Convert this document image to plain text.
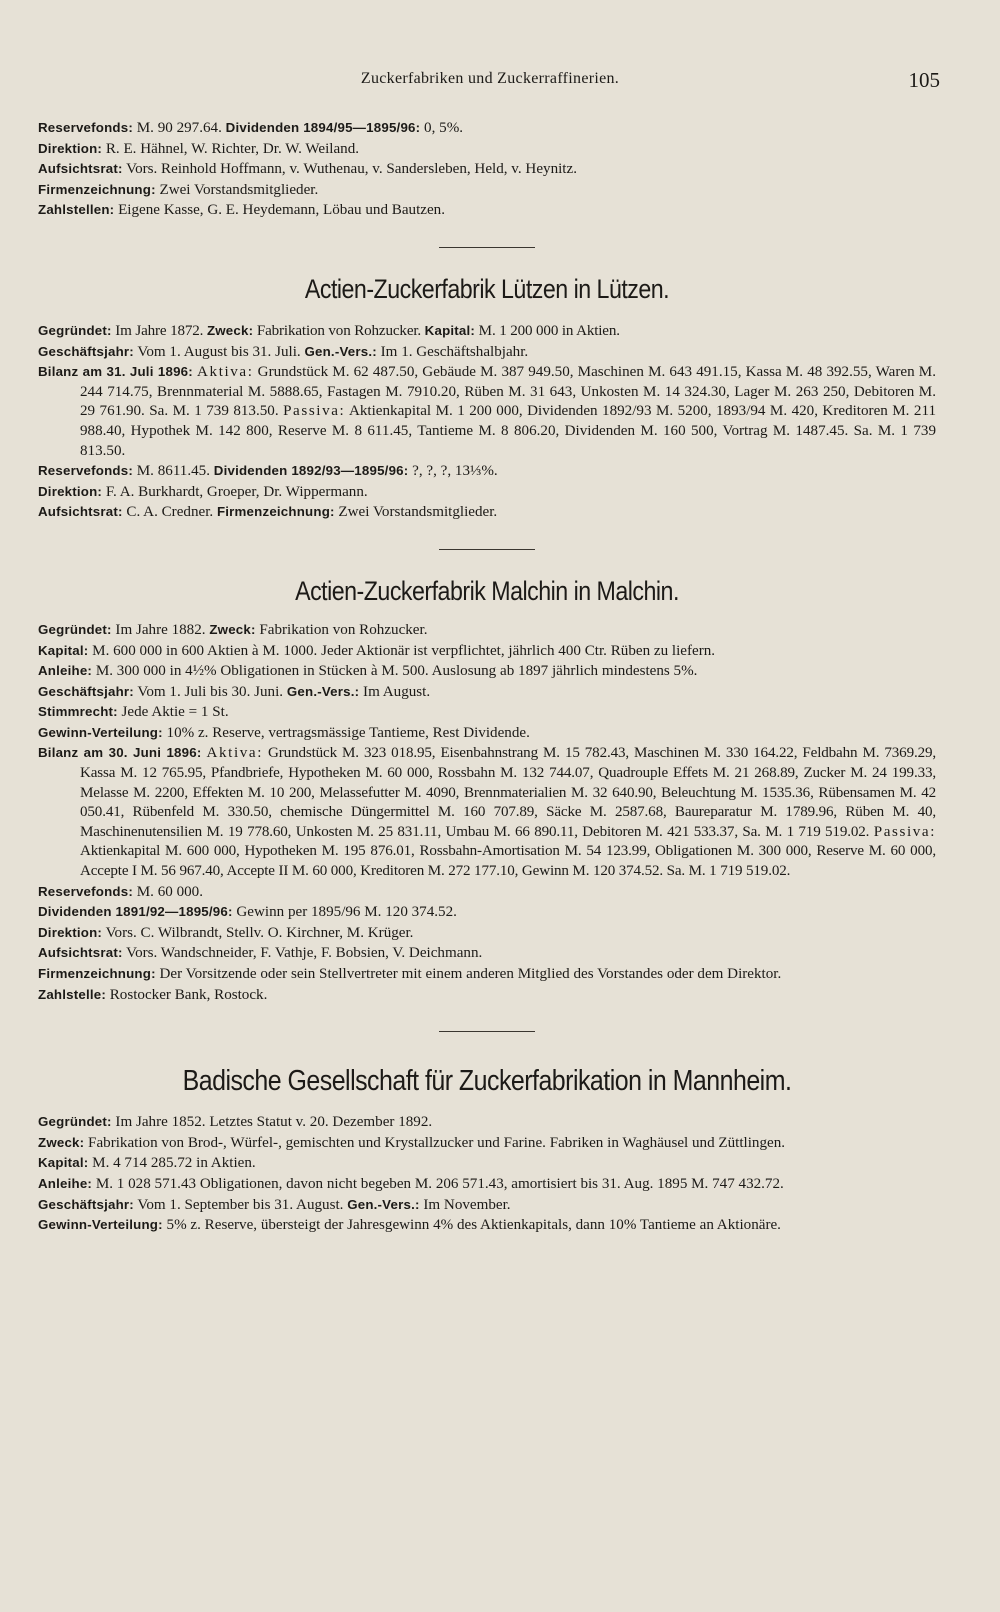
Zuckerfabriken und Zuckerraffinerien.	105

Reservefonds: M. 90 297.64. Dividenden 1894/95—1895/96: 0, 5%.

Direktion: R. E. Hähnel, W. Richter, Dr. W. Weiland.

Aufsichtsrat: Vors. Reinhold Hoffmann, v. Wuthenau, v. Sandersleben, Held, v. Heynitz.

Firmenzeichnung: Zwei Vorstandsmitglieder.

Zahlstellen: Eigene Kasse, G. E. Heydemann, Löbau und Bautzen.

Actien-Zuckerfabrik Lützen in Lützen.

Gegründet: Im Jahre 1872. Zweck: Fabrikation von Rohzucker. Kapital: M. 1 200 000 in Aktien.

Geschäftsjahr: Vom 1. August bis 31. Juli. Gen.-Vers.: Im 1. Geschäftshalbjahr.

Bilanz am 31. Juli 1896: Aktiva: Grundstück M. 62 487.50, Gebäude M. 387 949.50, Maschinen M. 643 491.15, Kassa M. 48 392.55, Waren M. 244 714.75, Brennmaterial M. 5888.65, Fastagen M. 7910.20, Rüben M. 31 643, Unkosten M. 14 324.30, Lager M. 263 250, Debitoren M. 29 761.90. Sa. M. 1 739 813.50. Passiva: Aktienkapital M. 1 200 000, Dividenden 1892/93 M. 5200, 1893/94 M. 420, Kreditoren M. 211 988.40, Hypothek M. 142 800, Reserve M. 8 611.45, Tantieme M. 8 806.20, Dividenden M. 160 500, Vortrag M. 1487.45. Sa. M. 1 739 813.50.

Reservefonds: M. 8611.45. Dividenden 1892/93—1895/96: ?, ?, ?, 13⅓%.

Direktion: F. A. Burkhardt, Groeper, Dr. Wippermann.

Aufsichtsrat: C. A. Credner. Firmenzeichnung: Zwei Vorstandsmitglieder.

Actien-Zuckerfabrik Malchin in Malchin.

Gegründet: Im Jahre 1882. Zweck: Fabrikation von Rohzucker.

Kapital: M. 600 000 in 600 Aktien à M. 1000. Jeder Aktionär ist verpflichtet, jährlich 400 Ctr. Rüben zu liefern.

Anleihe: M. 300 000 in 4½% Obligationen in Stücken à M. 500. Auslosung ab 1897 jährlich mindestens 5%.

Geschäftsjahr: Vom 1. Juli bis 30. Juni. Gen.-Vers.: Im August.

Stimmrecht: Jede Aktie = 1 St.

Gewinn-Verteilung: 10% z. Reserve, vertragsmässige Tantieme, Rest Dividende.

Bilanz am 30. Juni 1896: Aktiva: Grundstück M. 323 018.95, Eisenbahnstrang M. 15 782.43, Maschinen M. 330 164.22, Feldbahn M. 7369.29, Kassa M. 12 765.95, Pfandbriefe, Hypotheken M. 60 000, Rossbahn M. 132 744.07, Quadrouple Effets M. 21 268.89, Zucker M. 24 199.33, Melasse M. 2200, Effekten M. 10 200, Melassefutter M. 4090, Brennmaterialien M. 32 640.90, Beleuchtung M. 1535.36, Rübensamen M. 42 050.41, Rübenfeld M. 330.50, chemische Düngermittel M. 160 707.89, Säcke M. 2587.68, Baureparatur M. 1789.96, Rüben M. 40, Maschinenutensilien M. 19 778.60, Unkosten M. 25 831.11, Umbau M. 66 890.11, Debitoren M. 421 533.37, Sa. M. 1 719 519.02. Passiva: Aktienkapital M. 600 000, Hypotheken M. 195 876.01, Rossbahn-Amortisation M. 54 123.99, Obligationen M. 300 000, Reserve M. 60 000, Accepte I M. 56 967.40, Accepte II M. 60 000, Kreditoren M. 272 177.10, Gewinn M. 120 374.52. Sa. M. 1 719 519.02.

Reservefonds: M. 60 000.

Dividenden 1891/92—1895/96: Gewinn per 1895/96 M. 120 374.52.

Direktion: Vors. C. Wilbrandt, Stellv. O. Kirchner, M. Krüger.

Aufsichtsrat: Vors. Wandschneider, F. Vathje, F. Bobsien, V. Deichmann.

Firmenzeichnung: Der Vorsitzende oder sein Stellvertreter mit einem anderen Mitglied des Vorstandes oder dem Direktor.

Zahlstelle: Rostocker Bank, Rostock.

Badische Gesellschaft für Zuckerfabrikation in Mannheim.

Gegründet: Im Jahre 1852. Letztes Statut v. 20. Dezember 1892.

Zweck: Fabrikation von Brod-, Würfel-, gemischten und Krystallzucker und Farine. Fabriken in Waghäusel und Züttlingen.

Kapital: M. 4 714 285.72 in Aktien.

Anleihe: M. 1 028 571.43 Obligationen, davon nicht begeben M. 206 571.43, amortisiert bis 31. Aug. 1895 M. 747 432.72.

Geschäftsjahr: Vom 1. September bis 31. August. Gen.-Vers.: Im November.

Gewinn-Verteilung: 5% z. Reserve, übersteigt der Jahresgewinn 4% des Aktienkapitals, dann 10% Tantieme an Aktionäre.
